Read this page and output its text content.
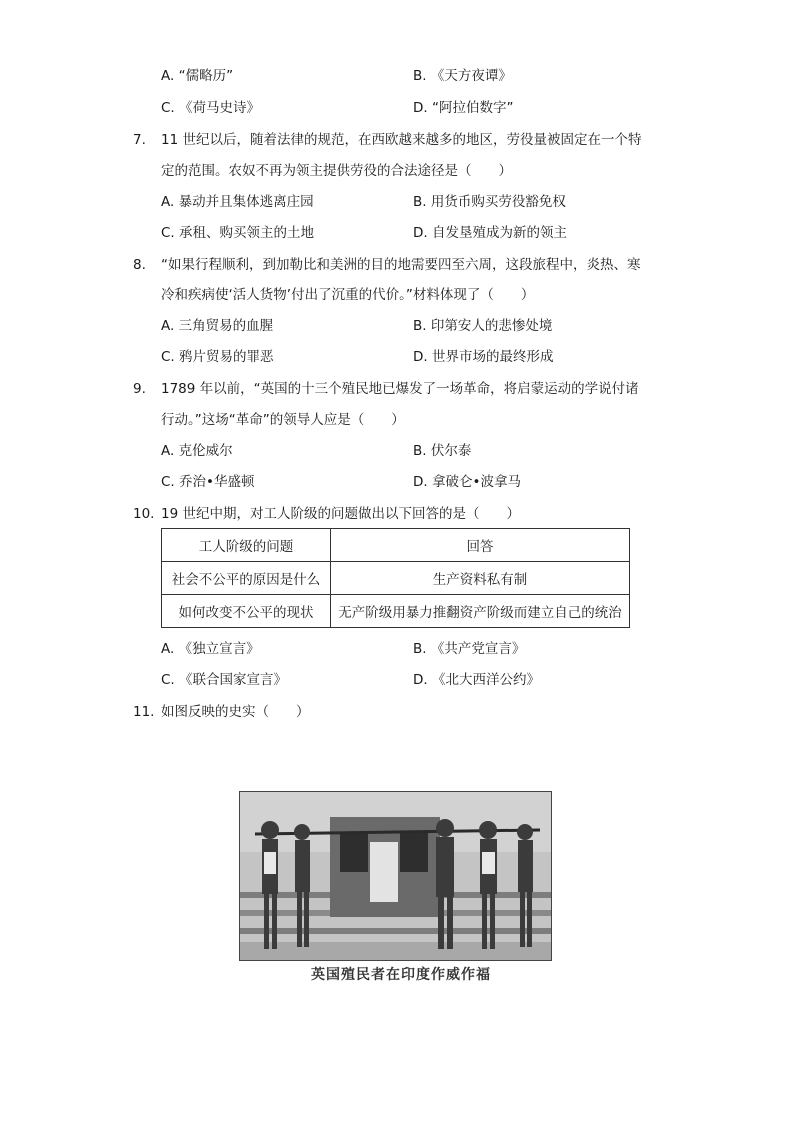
A. “儒略历”	B. 《天方夜谭》
C. 《荷马史诗》	D. “阿拉伯数字”
7. 11 世纪以后，随着法律的规范，在西欧越来越多的地区，劳役量被固定在一个特
定的范围。农奴不再为领主提供劳役的合法途径是（　　）
A. 暴动并且集体逃离庄园	B. 用货币购买劳役豁免权
C. 承租、购买领主的土地	D. 自发垦殖成为新的领主
8. “如果行程顺利，到加勒比和美洲的目的地需要四至六周，这段旅程中，炎热、寒
冷和疾病使‘活人货物’付出了沉重的代价。”材料体现了（　　）
A. 三角贸易的血腥	B. 印第安人的悲惨处境
C. 鸦片贸易的罪恶	D. 世界市场的最终形成
9. 1789 年以前，“英国的十三个殖民地已爆发了一场革命，将启蒙运动的学说付诸
行动。”这场“革命”的领导人应是（　　）
A. 克伦威尔	B. 伏尔泰
C. 乔治•华盛顿	D. 拿破仑•波拿马
10. 19 世纪中期，对工人阶级的问题做出以下回答的是（　　）
工人阶级的问题	回答
社会不公平的原因是什么	生产资料私有制
如何改变不公平的现状	无产阶级用暴力推翻资产阶级而建立自己的统治
A. 《独立宣言》	B. 《共产党宣言》
C. 《联合国家宣言》	D. 《北大西洋公约》
11. 如图反映的史实（　　）
英国殖民者在印度作威作福
